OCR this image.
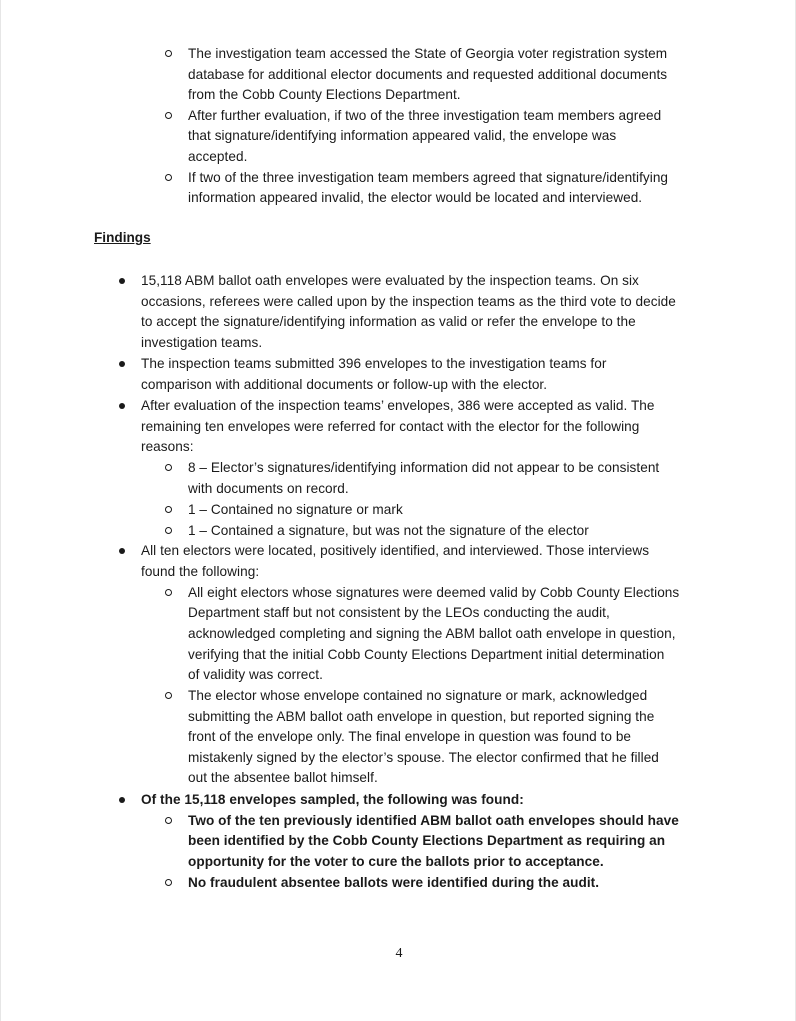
The investigation team accessed the State of Georgia voter registration system
database for additional elector documents and requested additional documents
from the Cobb County Elections Department.
After further evaluation, if two of the three investigation team members agreed
that signature/identifying information appeared valid, the envelope was
accepted.
If two of the three investigation team members agreed that signature/identifying
information appeared invalid, the elector would be located and interviewed.
Findings
15,118 ABM ballot oath envelopes were evaluated by the inspection teams. On six
occasions, referees were called upon by the inspection teams as the third vote to decide
to accept the signature/identifying information as valid or refer the envelope to the
investigation teams.
The inspection teams submitted 396 envelopes to the investigation teams for
comparison with additional documents or follow-up with the elector.
After evaluation of the inspection teams’ envelopes, 386 were accepted as valid. The
remaining ten envelopes were referred for contact with the elector for the following
reasons:
8 – Elector’s signatures/identifying information did not appear to be consistent
with documents on record.
1 – Contained no signature or mark
1 – Contained a signature, but was not the signature of the elector
All ten electors were located, positively identified, and interviewed. Those interviews
found the following:
All eight electors whose signatures were deemed valid by Cobb County Elections
Department staff but not consistent by the LEOs conducting the audit,
acknowledged completing and signing the ABM ballot oath envelope in question,
verifying that the initial Cobb County Elections Department initial determination
of validity was correct.
The elector whose envelope contained no signature or mark, acknowledged
submitting the ABM ballot oath envelope in question, but reported signing the
front of the envelope only. The final envelope in question was found to be
mistakenly signed by the elector’s spouse. The elector confirmed that he filled
out the absentee ballot himself.
Of the 15,118 envelopes sampled, the following was found:
Two of the ten previously identified ABM ballot oath envelopes should have
been identified by the Cobb County Elections Department as requiring an
opportunity for the voter to cure the ballots prior to acceptance.
No fraudulent absentee ballots were identified during the audit.
4
